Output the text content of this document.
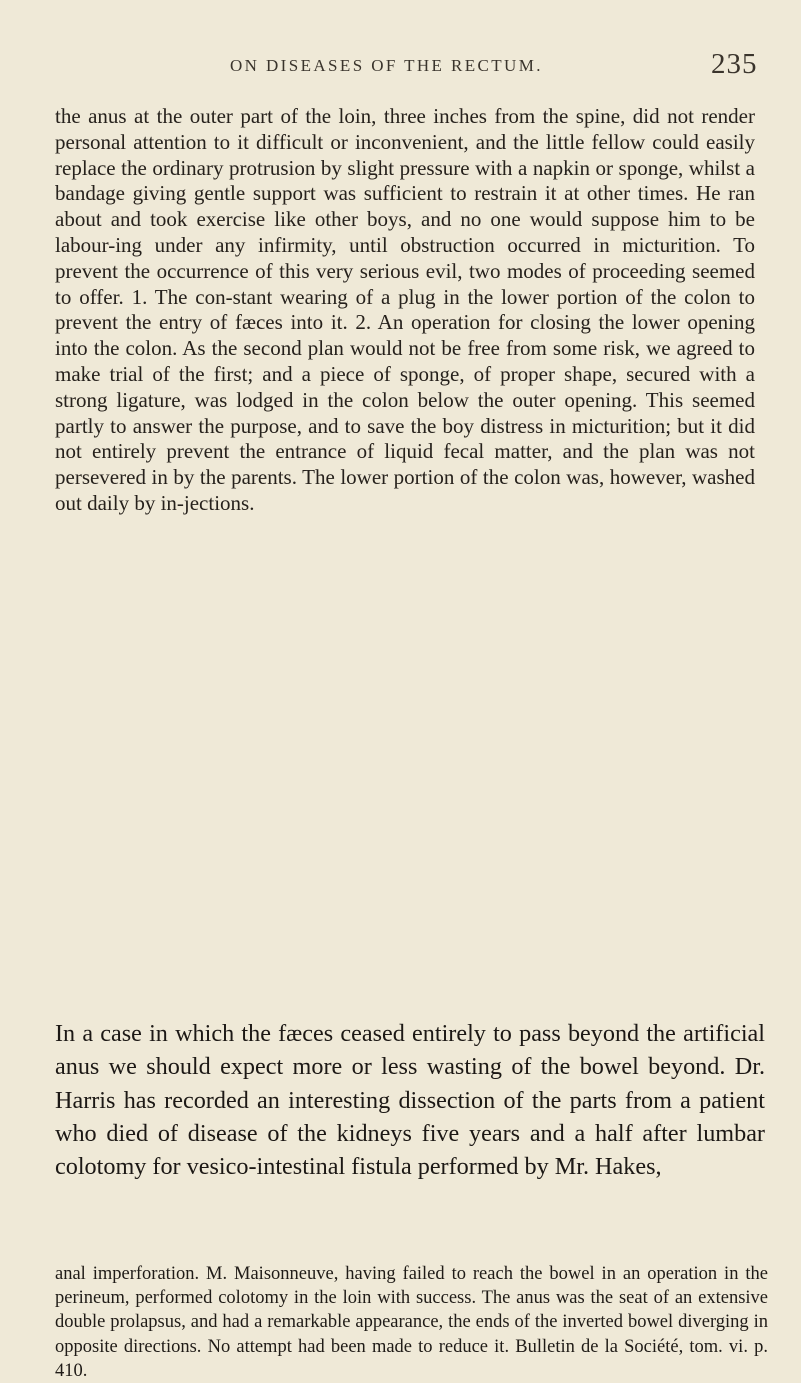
ON DISEASES OF THE RECTUM.	235

the anus at the outer part of the loin, three inches from the spine, did not render personal attention to it difficult or inconvenient, and the little fellow could easily replace the ordinary protrusion by slight pressure with a napkin or sponge, whilst a bandage giving gentle support was sufficient to restrain it at other times. He ran about and took exercise like other boys, and no one would suppose him to be labour-ing under any infirmity, until obstruction occurred in micturition. To prevent the occurrence of this very serious evil, two modes of proceeding seemed to offer. 1. The con-stant wearing of a plug in the lower portion of the colon to prevent the entry of fæces into it. 2. An operation for closing the lower opening into the colon. As the second plan would not be free from some risk, we agreed to make trial of the first; and a piece of sponge, of proper shape, secured with a strong ligature, was lodged in the colon below the outer opening. This seemed partly to answer the purpose, and to save the boy distress in micturition; but it did not entirely prevent the entrance of liquid fecal matter, and the plan was not persevered in by the parents. The lower portion of the colon was, however, washed out daily by in-jections.

In a case in which the fæces ceased entirely to pass beyond the artificial anus we should expect more or less wasting of the bowel beyond. Dr. Harris has recorded an interesting dissection of the parts from a patient who died of disease of the kidneys five years and a half after lumbar colotomy for vesico-intestinal fistula performed by Mr. Hakes,

anal imperforation. M. Maisonneuve, having failed to reach the bowel in an operation in the perineum, performed colotomy in the loin with success. The anus was the seat of an extensive double prolapsus, and had a remarkable appearance, the ends of the inverted bowel diverging in opposite directions. No attempt had been made to reduce it. Bulletin de la Société, tom. vi. p. 410.
